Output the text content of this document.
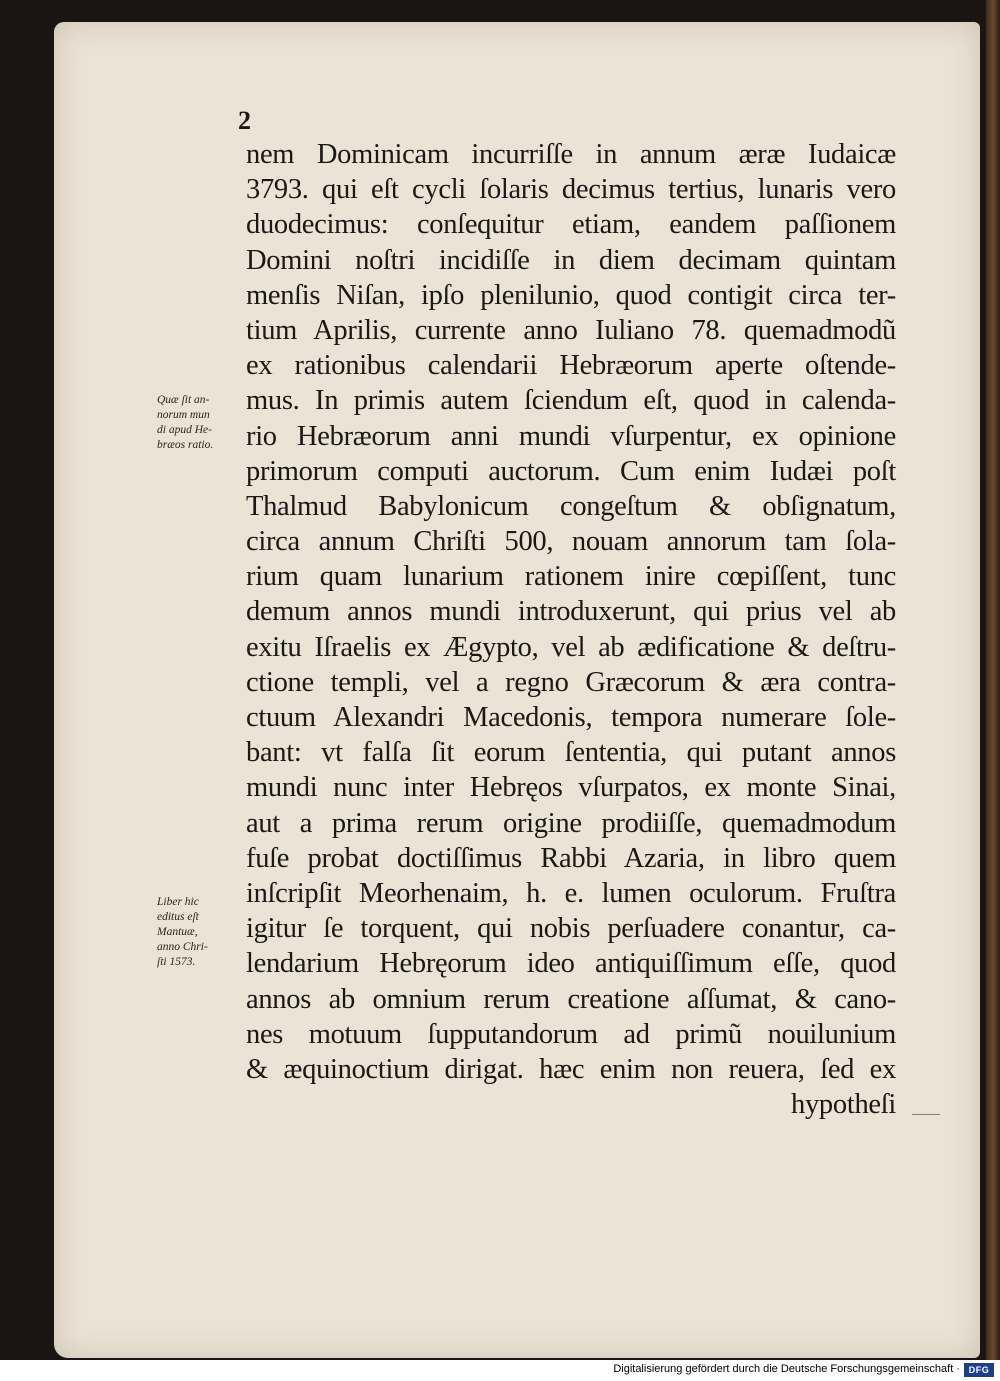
2
nem Dominicam incurriſſe in annum æræ Iudaicæ
3793. qui eſt cycli ſolaris decimus tertius, lunaris vero
duodecimus: conſequitur etiam, eandem paſſionem
Domini noſtri incidiſſe in diem decimam quintam
menſis Niſan, ipſo plenilunio, quod contigit circa ter-
tium Aprilis, currente anno Iuliano 78. quemadmodũ
ex rationibus calendarii Hebræorum aperte oſtende-
mus. In primis autem ſciendum eſt, quod in calenda-
rio Hebræorum anni mundi vſurpentur, ex opinione
primorum computi auctorum. Cum enim Iudæi poſt
Thalmud Babylonicum congeſtum & obſignatum,
circa annum Chriſti 500, nouam annorum tam ſola-
rium quam lunarium rationem inire cœpiſſent, tunc
demum annos mundi introduxerunt, qui prius vel ab
exitu Iſraelis ex Ægypto, vel ab ædificatione & deſtru-
ctione templi, vel a regno Græcorum & æra contra-
ctuum Alexandri Macedonis, tempora numerare ſole-
bant: vt falſa ſit eorum ſententia, qui putant annos
mundi nunc inter Hebręos vſurpatos, ex monte Sinai,
aut a prima rerum origine prodiiſſe, quemadmodum
fuſe probat doctiſſimus Rabbi Azaria, in libro quem
inſcripſit Meorhenaim, h. e. lumen oculorum. Fruſtra
igitur ſe torquent, qui nobis perſuadere conantur, ca-
lendarium Hebręorum ideo antiquiſſimum eſſe, quod
annos ab omnium rerum creatione aſſumat, & cano-
nes motuum ſupputandorum ad primũ nouilunium
& æquinoctium dirigat. hæc enim non reuera, ſed ex
hypotheſi
Quæ ſit an-
norum mun
di apud He-
bræos ratio.
Liber hic
editus eſt
Mantuæ,
anno Chri-
ſti 1573.
Digitalisierung gefördert durch die Deutsche Forschungsgemeinschaft · DFG
